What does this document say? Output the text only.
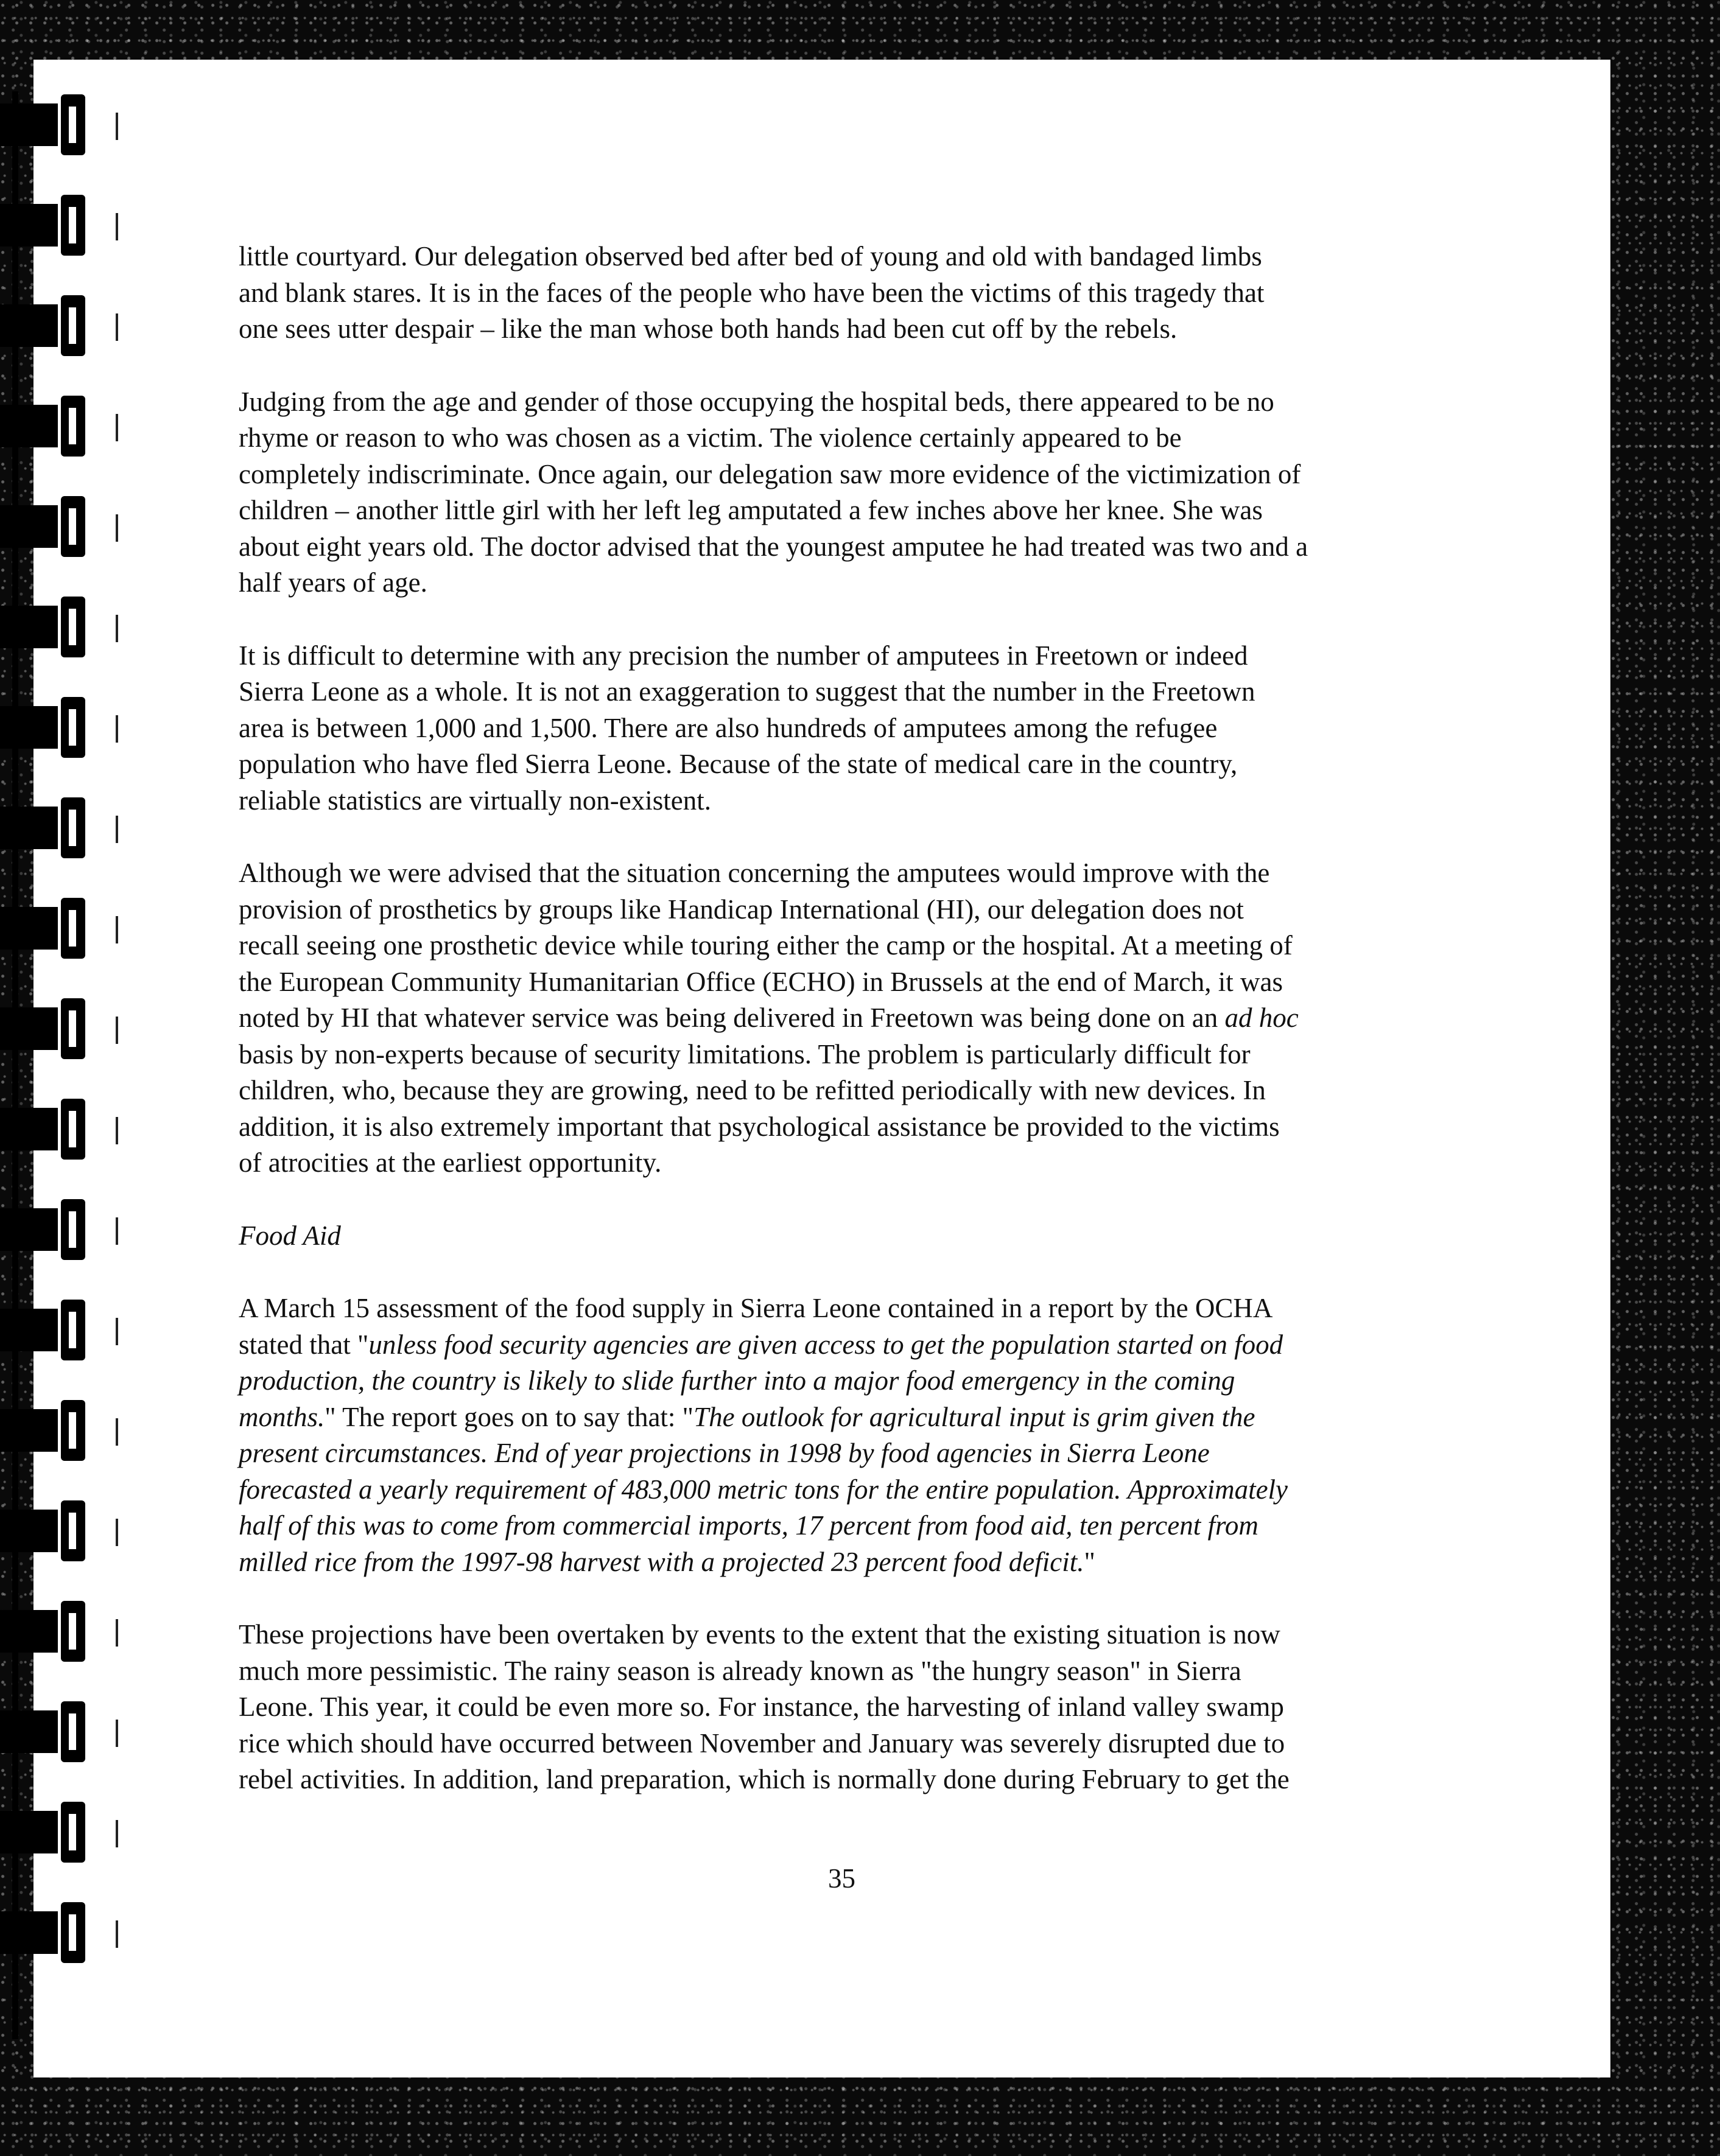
little courtyard. Our delegation observed bed after bed of young and old with bandaged limbs
and blank stares. It is in the faces of the people who have been the victims of this tragedy that
one sees utter despair – like the man whose both hands had been cut off by the rebels.
Judging from the age and gender of those occupying the hospital beds, there appeared to be no
rhyme or reason to who was chosen as a victim. The violence certainly appeared to be
completely indiscriminate. Once again, our delegation saw more evidence of the victimization of
children – another little girl with her left leg amputated a few inches above her knee. She was
about eight years old. The doctor advised that the youngest amputee he had treated was two and a
half years of age.
It is difficult to determine with any precision the number of amputees in Freetown or indeed
Sierra Leone as a whole. It is not an exaggeration to suggest that the number in the Freetown
area is between 1,000 and 1,500. There are also hundreds of amputees among the refugee
population who have fled Sierra Leone. Because of the state of medical care in the country,
reliable statistics are virtually non-existent.
Although we were advised that the situation concerning the amputees would improve with the
provision of prosthetics by groups like Handicap International (HI), our delegation does not
recall seeing one prosthetic device while touring either the camp or the hospital. At a meeting of
the European Community Humanitarian Office (ECHO) in Brussels at the end of March, it was
noted by HI that whatever service was being delivered in Freetown was being done on an ad hoc
basis by non-experts because of security limitations. The problem is particularly difficult for
children, who, because they are growing, need to be refitted periodically with new devices. In
addition, it is also extremely important that psychological assistance be provided to the victims
of atrocities at the earliest opportunity.
Food Aid
A March 15 assessment of the food supply in Sierra Leone contained in a report by the OCHA
stated that "unless food security agencies are given access to get the population started on food
production, the country is likely to slide further into a major food emergency in the coming
months." The report goes on to say that: "The outlook for agricultural input is grim given the
present circumstances. End of year projections in 1998 by food agencies in Sierra Leone
forecasted a yearly requirement of 483,000 metric tons for the entire population. Approximately
half of this was to come from commercial imports, 17 percent from food aid, ten percent from
milled rice from the 1997-98 harvest with a projected 23 percent food deficit."
These projections have been overtaken by events to the extent that the existing situation is now
much more pessimistic. The rainy season is already known as "the hungry season" in Sierra
Leone. This year, it could be even more so. For instance, the harvesting of inland valley swamp
rice which should have occurred between November and January was severely disrupted due to
rebel activities. In addition, land preparation, which is normally done during February to get the
35
